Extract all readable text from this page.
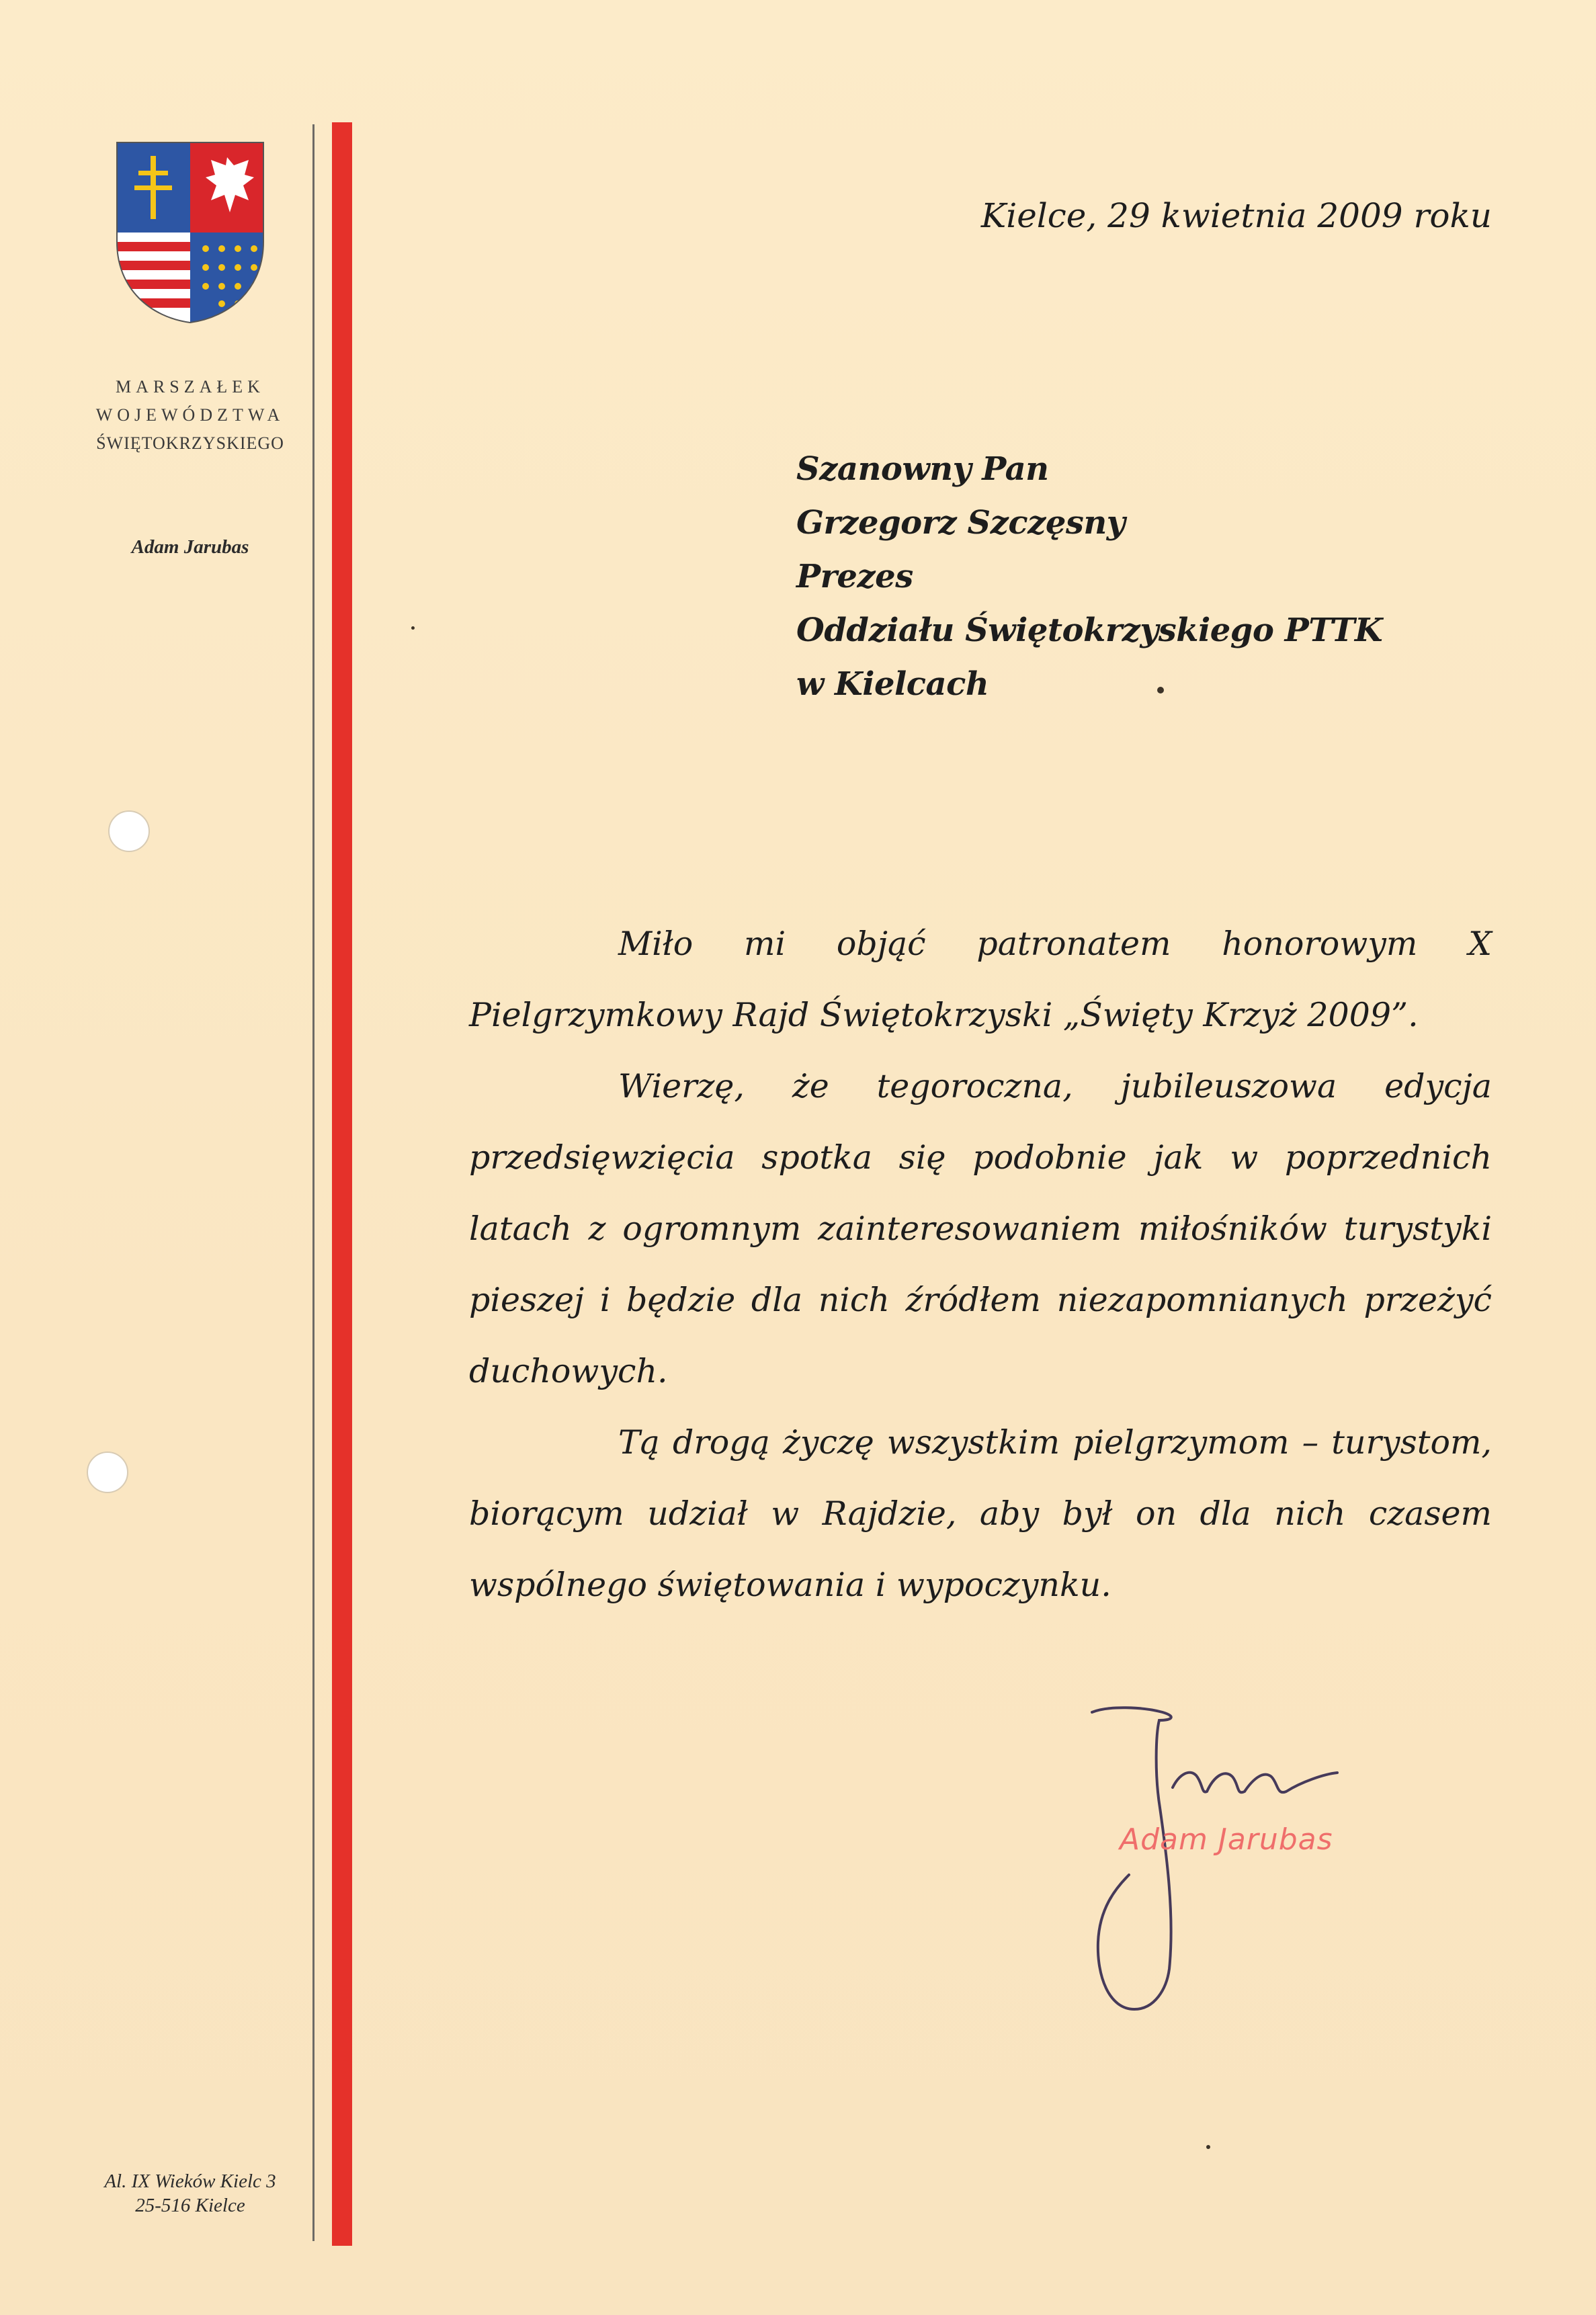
MARSZAŁEK
WOJEWÓDZTWA
ŚWIĘTOKRZYSKIEGO
Adam Jarubas
Al. IX Wieków Kielc 3
25-516 Kielce
Kielce, 29 kwietnia 2009 roku
Szanowny Pan
Grzegorz Szczęsny
Prezes
Oddziału Świętokrzyskiego PTTK
w Kielcach

Miło mi objąć patronatem honorowym X Pielgrzymkowy Rajd Świętokrzyski „Święty Krzyż 2009”.

Wierzę, że tegoroczna, jubileuszowa edycja przedsięwzięcia spotka się podobnie jak w poprzednich latach z ogromnym zainteresowaniem miłośników turystyki pieszej i będzie dla nich źródłem niezapomnianych przeżyć duchowych.

Tą drogą życzę wszystkim pielgrzymom – turystom, biorącym udział w Rajdzie, aby był on dla nich czasem wspólnego świętowania i wypoczynku.

Adam Jarubas
